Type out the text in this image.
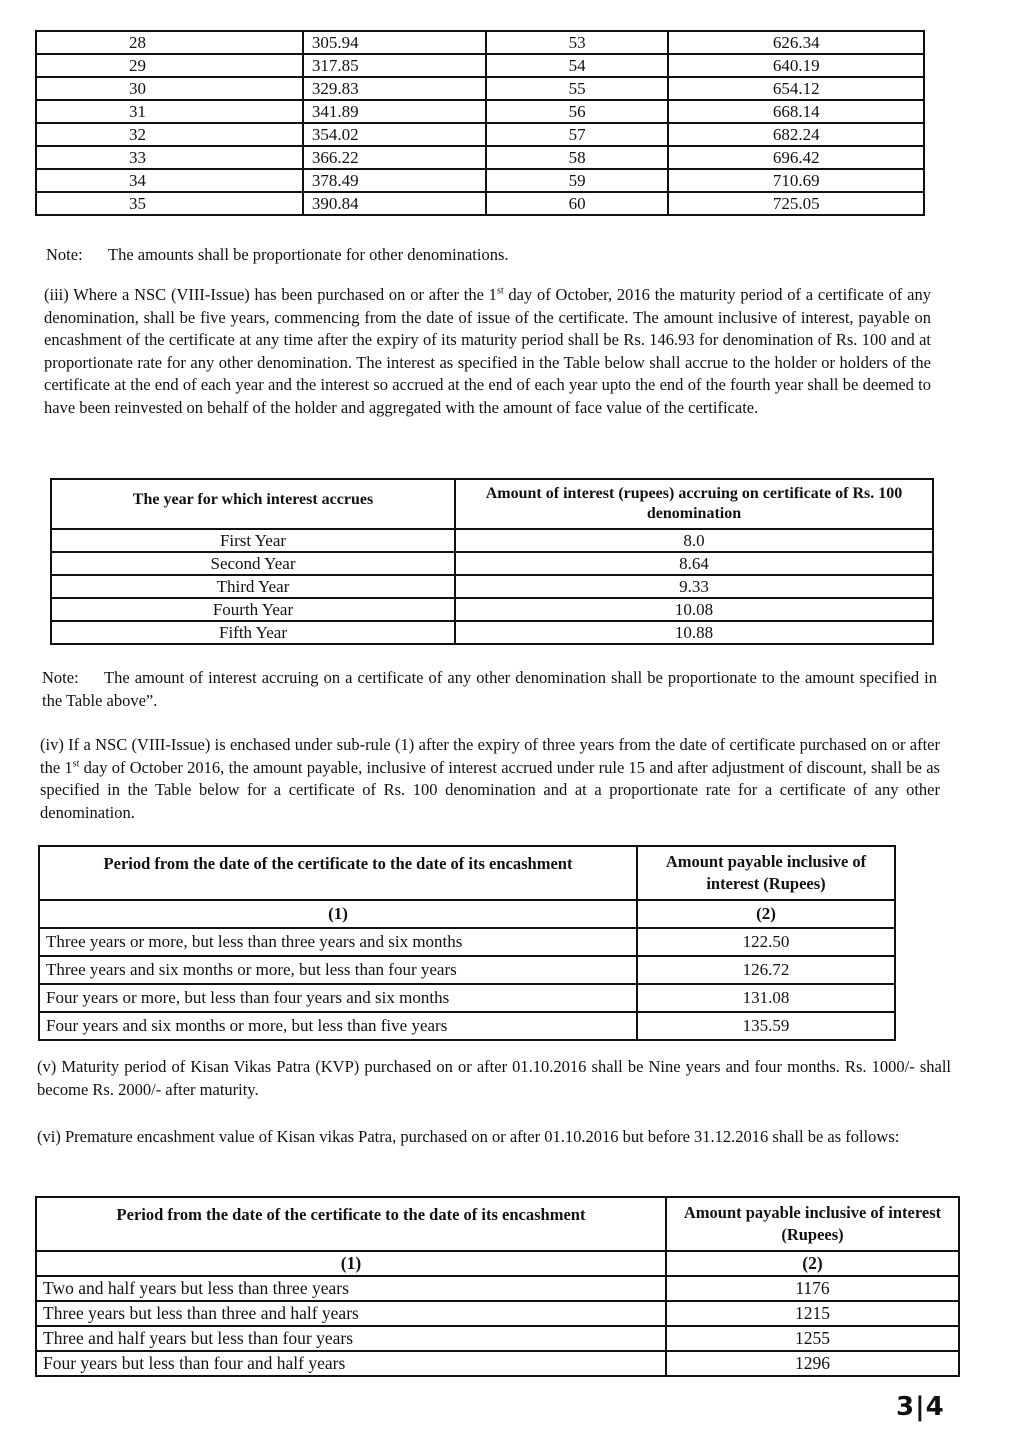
28	305.94	53	626.34
29	317.85	54	640.19
30	329.83	55	654.12
31	341.89	56	668.14
32	354.02	57	682.24
33	366.22	58	696.42
34	378.49	59	710.69
35	390.84	60	725.05
Note: The amounts shall be proportionate for other denominations.
(iii) Where a NSC (VIII-Issue) has been purchased on or after the 1st day of October, 2016 the maturity period of a certificate of any denomination, shall be five years, commencing from the date of issue of the certificate. The amount inclusive of interest, payable on encashment of the certificate at any time after the expiry of its maturity period shall be Rs. 146.93 for denomination of Rs. 100 and at proportionate rate for any other denomination. The interest as specified in the Table below shall accrue to the holder or holders of the certificate at the end of each year and the interest so accrued at the end of each year upto the end of the fourth year shall be deemed to have been reinvested on behalf of the holder and aggregated with the amount of face value of the certificate.
The year for which interest accrues	Amount of interest (rupees) accruing on certificate of Rs. 100 denomination
First Year	8.0
Second Year	8.64
Third Year	9.33
Fourth Year	10.08
Fifth Year	10.88
Note: The amount of interest accruing on a certificate of any other denomination shall be proportionate to the amount specified in the Table above”.
(iv) If a NSC (VIII-Issue) is enchased under sub-rule (1) after the expiry of three years from the date of certificate purchased on or after the 1st day of October 2016, the amount payable, inclusive of interest accrued under rule 15 and after adjustment of discount, shall be as specified in the Table below for a certificate of Rs. 100 denomination and at a proportionate rate for a certificate of any other denomination.
Period from the date of the certificate to the date of its encashment	Amount payable inclusive of interest (Rupees)
(1)	(2)
Three years or more, but less than three years and six months	122.50
Three years and six months or more, but less than four years	126.72
Four years or more, but less than four years and six months	131.08
Four years and six months or more, but less than five years	135.59
(v) Maturity period of Kisan Vikas Patra (KVP) purchased on or after 01.10.2016 shall be Nine years and four months. Rs. 1000/- shall become Rs. 2000/- after maturity.
(vi) Premature encashment value of Kisan vikas Patra, purchased on or after 01.10.2016 but before 31.12.2016 shall be as follows:
Period from the date of the certificate to the date of its encashment	Amount payable inclusive of interest (Rupees)
(1)	(2)
Two and half years but less than three years	1176
Three years but less than three and half years	1215
Three and half years but less than four years	1255
Four years but less than four and half years	1296
3|4
